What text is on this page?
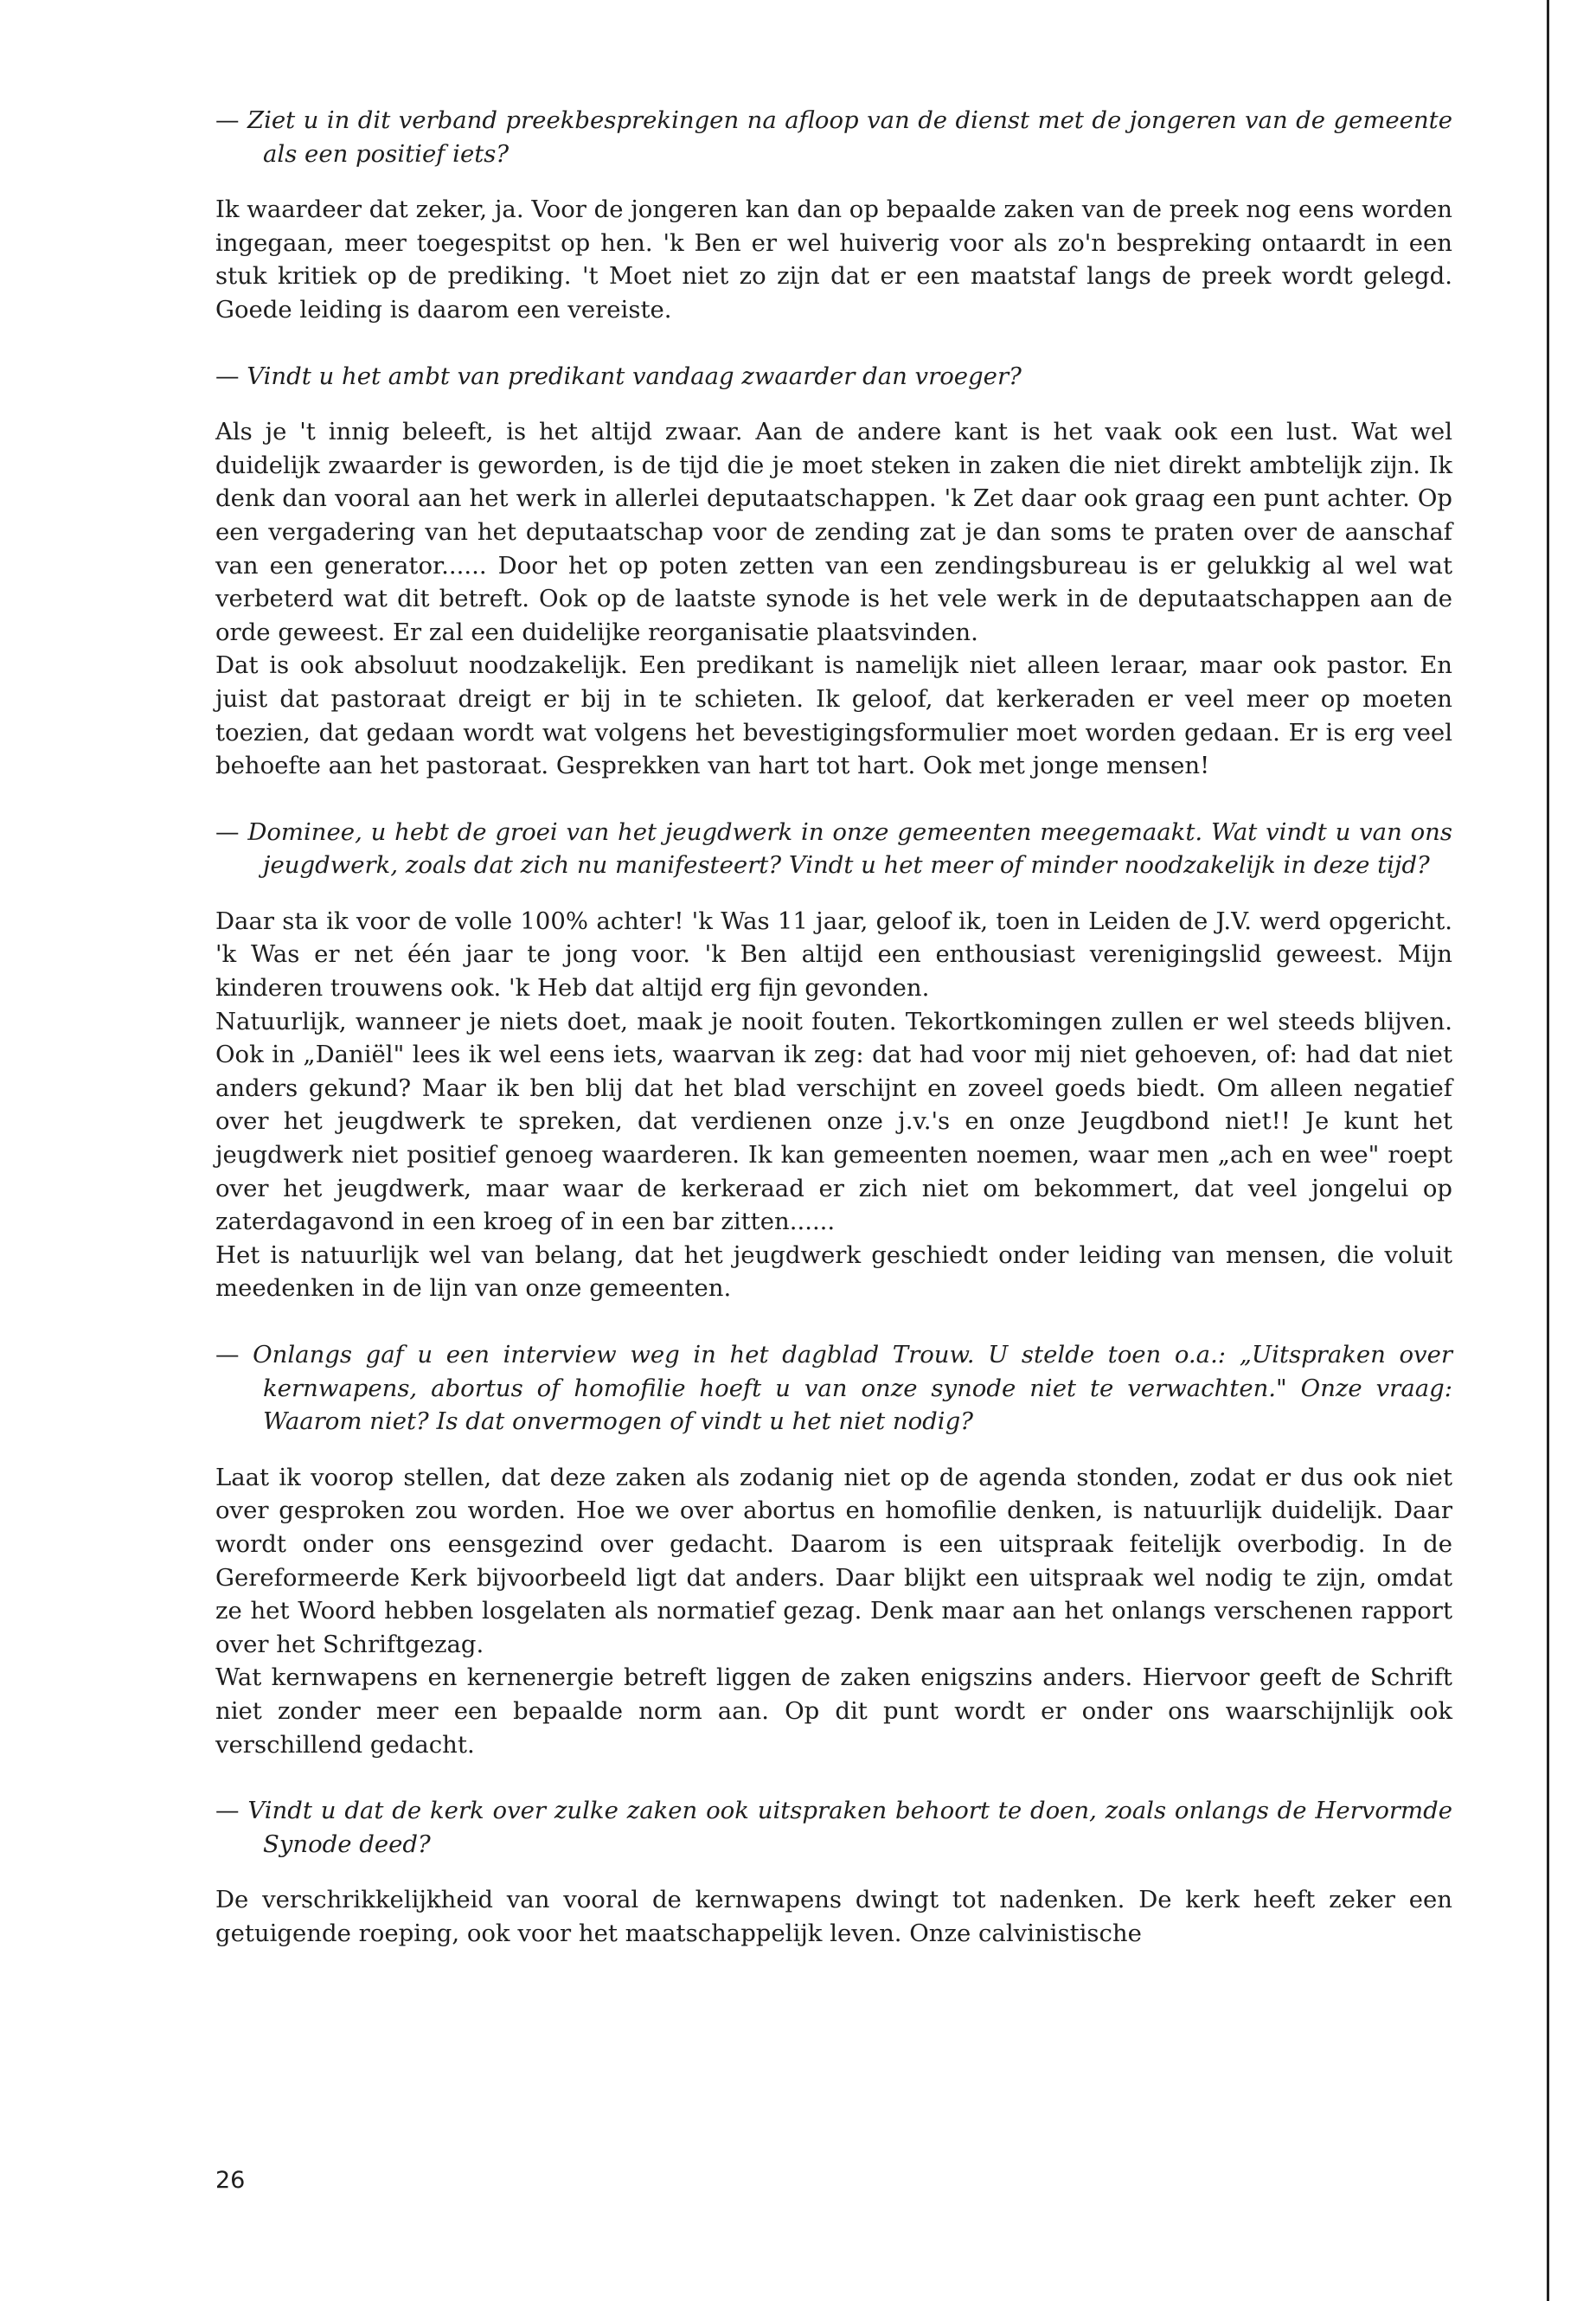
— Ziet u in dit verband preekbesprekingen na afloop van de dienst met de jongeren van de gemeente als een positief iets?

Ik waardeer dat zeker, ja. Voor de jongeren kan dan op bepaalde zaken van de preek nog eens worden ingegaan, meer toegespitst op hen. 'k Ben er wel huiverig voor als zo'n bespreking ontaardt in een stuk kritiek op de prediking. 't Moet niet zo zijn dat er een maatstaf langs de preek wordt gelegd. Goede leiding is daarom een vereiste.

— Vindt u het ambt van predikant vandaag zwaarder dan vroeger?

Als je 't innig beleeft, is het altijd zwaar. Aan de andere kant is het vaak ook een lust. Wat wel duidelijk zwaarder is geworden, is de tijd die je moet steken in zaken die niet direkt ambtelijk zijn. Ik denk dan vooral aan het werk in allerlei deputaatschappen. 'k Zet daar ook graag een punt achter. Op een vergadering van het deputaatschap voor de zending zat je dan soms te praten over de aanschaf van een generator...... Door het op poten zetten van een zendingsbureau is er gelukkig al wel wat verbeterd wat dit betreft. Ook op de laatste synode is het vele werk in de deputaatschappen aan de orde geweest. Er zal een duidelijke reorganisatie plaatsvinden.

Dat is ook absoluut noodzakelijk. Een predikant is namelijk niet alleen leraar, maar ook pastor. En juist dat pastoraat dreigt er bij in te schieten. Ik geloof, dat kerkeraden er veel meer op moeten toezien, dat gedaan wordt wat volgens het bevestigingsformulier moet worden gedaan. Er is erg veel behoefte aan het pastoraat. Gesprekken van hart tot hart. Ook met jonge mensen!

— Dominee, u hebt de groei van het jeugdwerk in onze gemeenten meegemaakt. Wat vindt u van ons jeugdwerk, zoals dat zich nu manifesteert? Vindt u het meer of minder noodzakelijk in deze tijd?

Daar sta ik voor de volle 100% achter! 'k Was 11 jaar, geloof ik, toen in Leiden de J.V. werd opgericht. 'k Was er net één jaar te jong voor. 'k Ben altijd een enthousiast verenigingslid geweest. Mijn kinderen trouwens ook. 'k Heb dat altijd erg fijn gevonden.

Natuurlijk, wanneer je niets doet, maak je nooit fouten. Tekortkomingen zullen er wel steeds blijven. Ook in „Daniël" lees ik wel eens iets, waarvan ik zeg: dat had voor mij niet gehoeven, of: had dat niet anders gekund? Maar ik ben blij dat het blad verschijnt en zoveel goeds biedt. Om alleen negatief over het jeugdwerk te spreken, dat verdienen onze j.v.'s en onze Jeugdbond niet!! Je kunt het jeugdwerk niet positief genoeg waarderen. Ik kan gemeenten noemen, waar men „ach en wee" roept over het jeugdwerk, maar waar de kerkeraad er zich niet om bekommert, dat veel jongelui op zaterdagavond in een kroeg of in een bar zitten......

Het is natuurlijk wel van belang, dat het jeugdwerk geschiedt onder leiding van mensen, die voluit meedenken in de lijn van onze gemeenten.

— Onlangs gaf u een interview weg in het dagblad Trouw. U stelde toen o.a.: „Uitspraken over kernwapens, abortus of homofilie hoeft u van onze synode niet te verwachten." Onze vraag: Waarom niet? Is dat onvermogen of vindt u het niet nodig?

Laat ik voorop stellen, dat deze zaken als zodanig niet op de agenda stonden, zodat er dus ook niet over gesproken zou worden. Hoe we over abortus en homofilie denken, is natuurlijk duidelijk. Daar wordt onder ons eensgezind over gedacht. Daarom is een uitspraak feitelijk overbodig. In de Gereformeerde Kerk bijvoorbeeld ligt dat anders. Daar blijkt een uitspraak wel nodig te zijn, omdat ze het Woord hebben losgelaten als normatief gezag. Denk maar aan het onlangs verschenen rapport over het Schriftgezag.

Wat kernwapens en kernenergie betreft liggen de zaken enigszins anders. Hiervoor geeft de Schrift niet zonder meer een bepaalde norm aan. Op dit punt wordt er onder ons waarschijnlijk ook verschillend gedacht.

— Vindt u dat de kerk over zulke zaken ook uitspraken behoort te doen, zoals onlangs de Hervormde Synode deed?

De verschrikkelijkheid van vooral de kernwapens dwingt tot nadenken. De kerk heeft zeker een getuigende roeping, ook voor het maatschappelijk leven. Onze calvinistische

26
